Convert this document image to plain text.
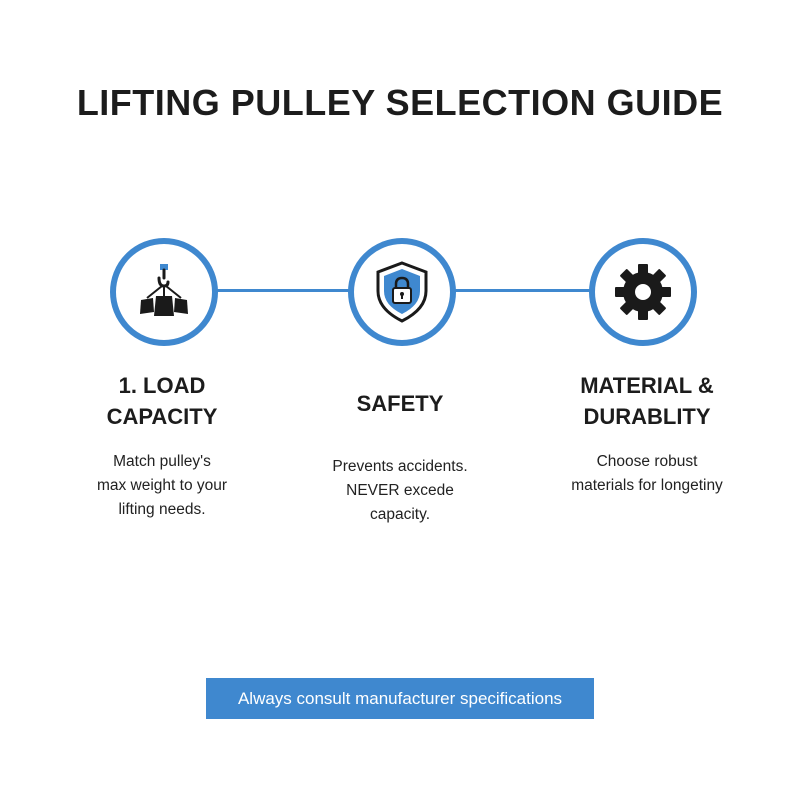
LIFTING PULLEY SELECTION GUIDE
1. LOAD
CAPACITY
SAFETY
MATERIAL &
DURABLITY
Match pulley's
max weight to your
lifting needs.
Prevents accidents.
NEVER excede
capacity.
Choose robust
materials for longetiny
Always consult manufacturer specifications
